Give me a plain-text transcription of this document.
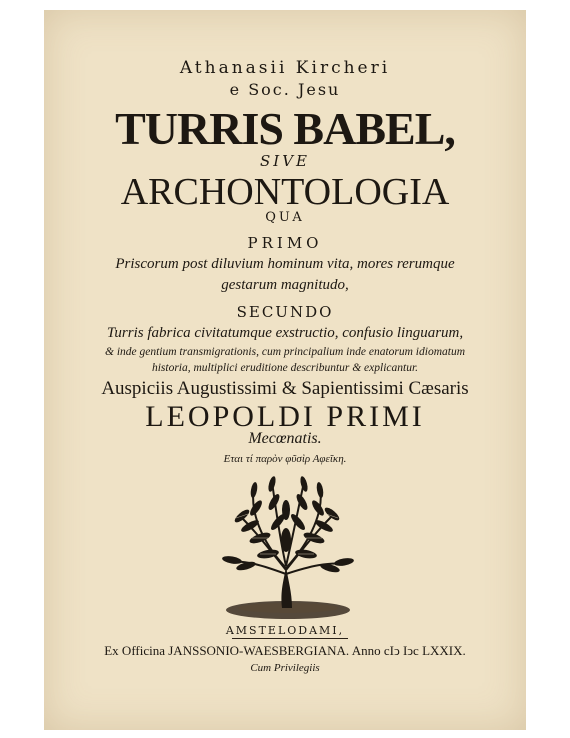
Athanasii Kircheri
e Soc. Jesu
TURRIS BABEL,
SIVE
ARCHONTOLOGIA
QUA
PRIMO
Priscorum post diluvium hominum vita, mores rerumque
gestarum magnitudo,
SECUNDO
Turris fabrica civitatumque exstructio, confusio linguarum,
& inde gentium transmigrationis, cum principalium inde enatorum idiomatum
historia, multiplici eruditione describuntur & explicantur.
Auspiciis Augustissimi & Sapientissimi Cæsaris
LEOPOLDI PRIMI
Mecœnatis.
Εται τί παρὸν φῦσὶρ Αφεῖκη.
AMSTELODAMI,
Ex Officina JANSSONIO-WAESBERGIANA. Anno cIↄ Iↄc LXXIX.
Cum Privilegiis
